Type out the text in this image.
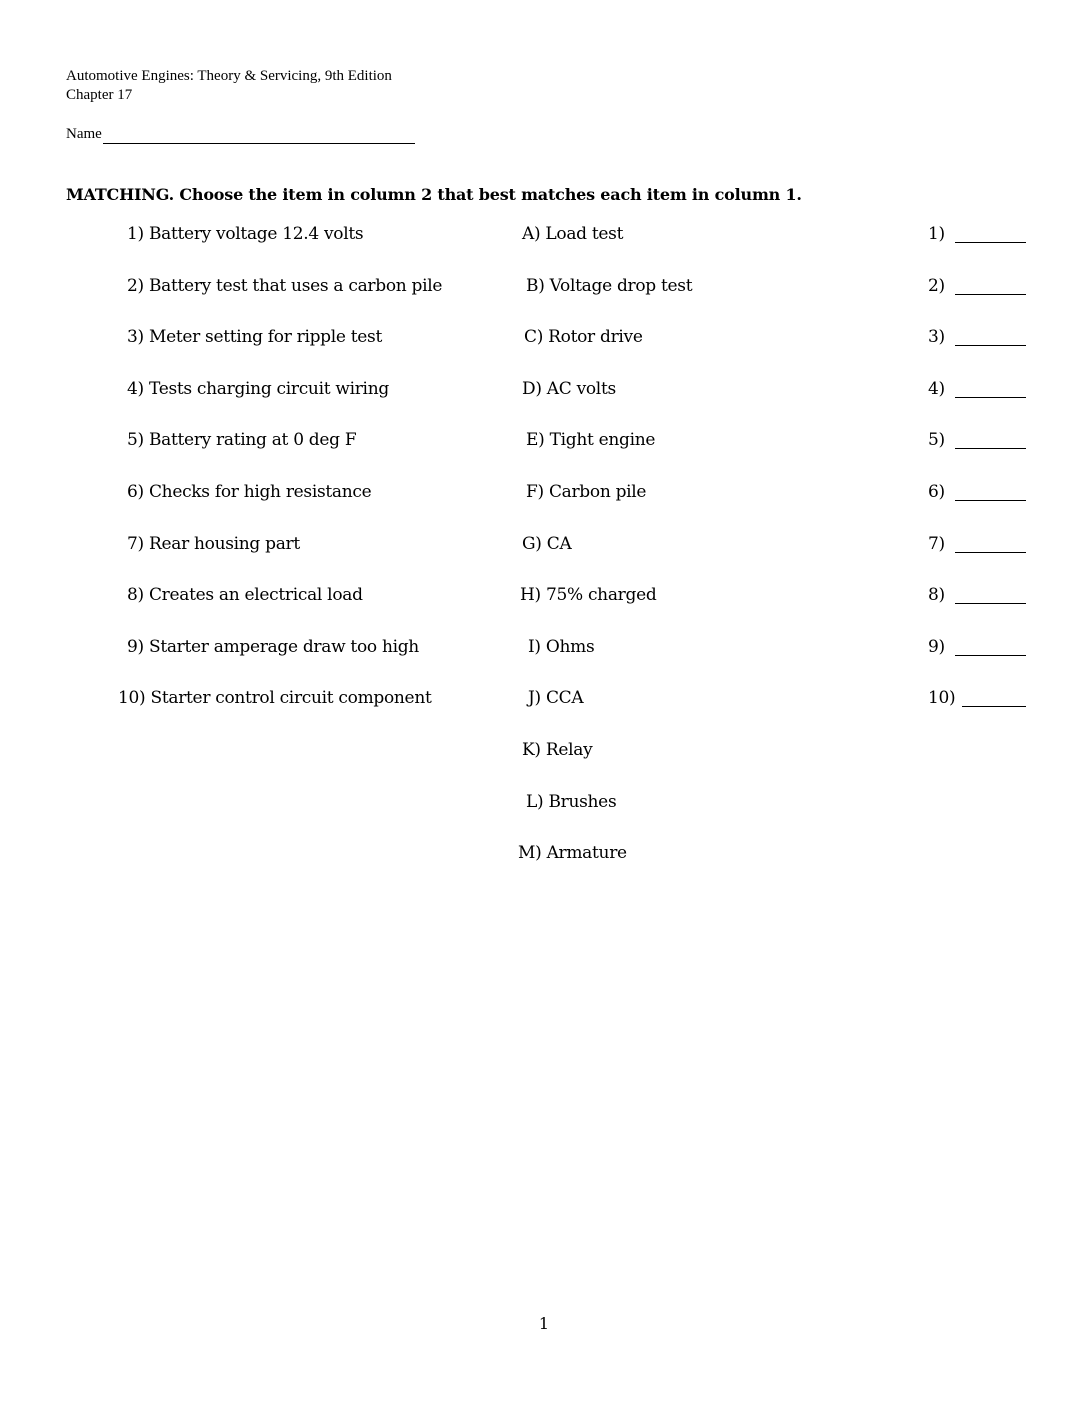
Automotive Engines: Theory & Servicing, 9th Edition
Chapter 17
Name
MATCHING. Choose the item in column 2 that best matches each item in column 1.
1) Battery voltage 12.4 volts	A) Load test	1)
2) Battery test that uses a carbon pile	B) Voltage drop test	2)
3) Meter setting for ripple test	C) Rotor drive	3)
4) Tests charging circuit wiring	D) AC volts	4)
5) Battery rating at 0 deg F	E) Tight engine	5)
6) Checks for high resistance	F) Carbon pile	6)
7) Rear housing part	G) CA	7)
8) Creates an electrical load	H) 75% charged	8)
9) Starter amperage draw too high	I) Ohms	9)
10) Starter control circuit component	J) CCA	10)
K) Relay
L) Brushes
M) Armature
1
